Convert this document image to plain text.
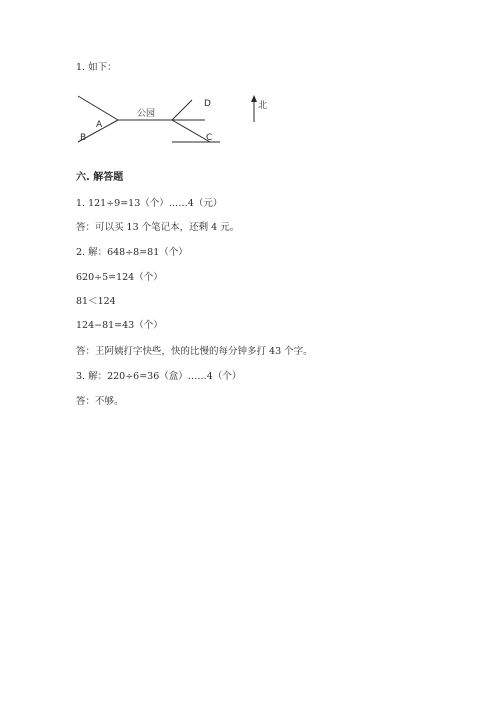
1. 如下：
A
B	C
D
公园
北
六. 解答题
1. 121÷9=13（个）……4（元）
答：可以买 13 个笔记本，还剩 4 元。
2. 解：648÷8=81（个）
620÷5=124（个）
81＜124
124−81=43（个）
答：王阿姨打字快些，快的比慢的每分钟多打 43 个字。
3. 解：220÷6=36（盒）……4（个）
答：不够。
